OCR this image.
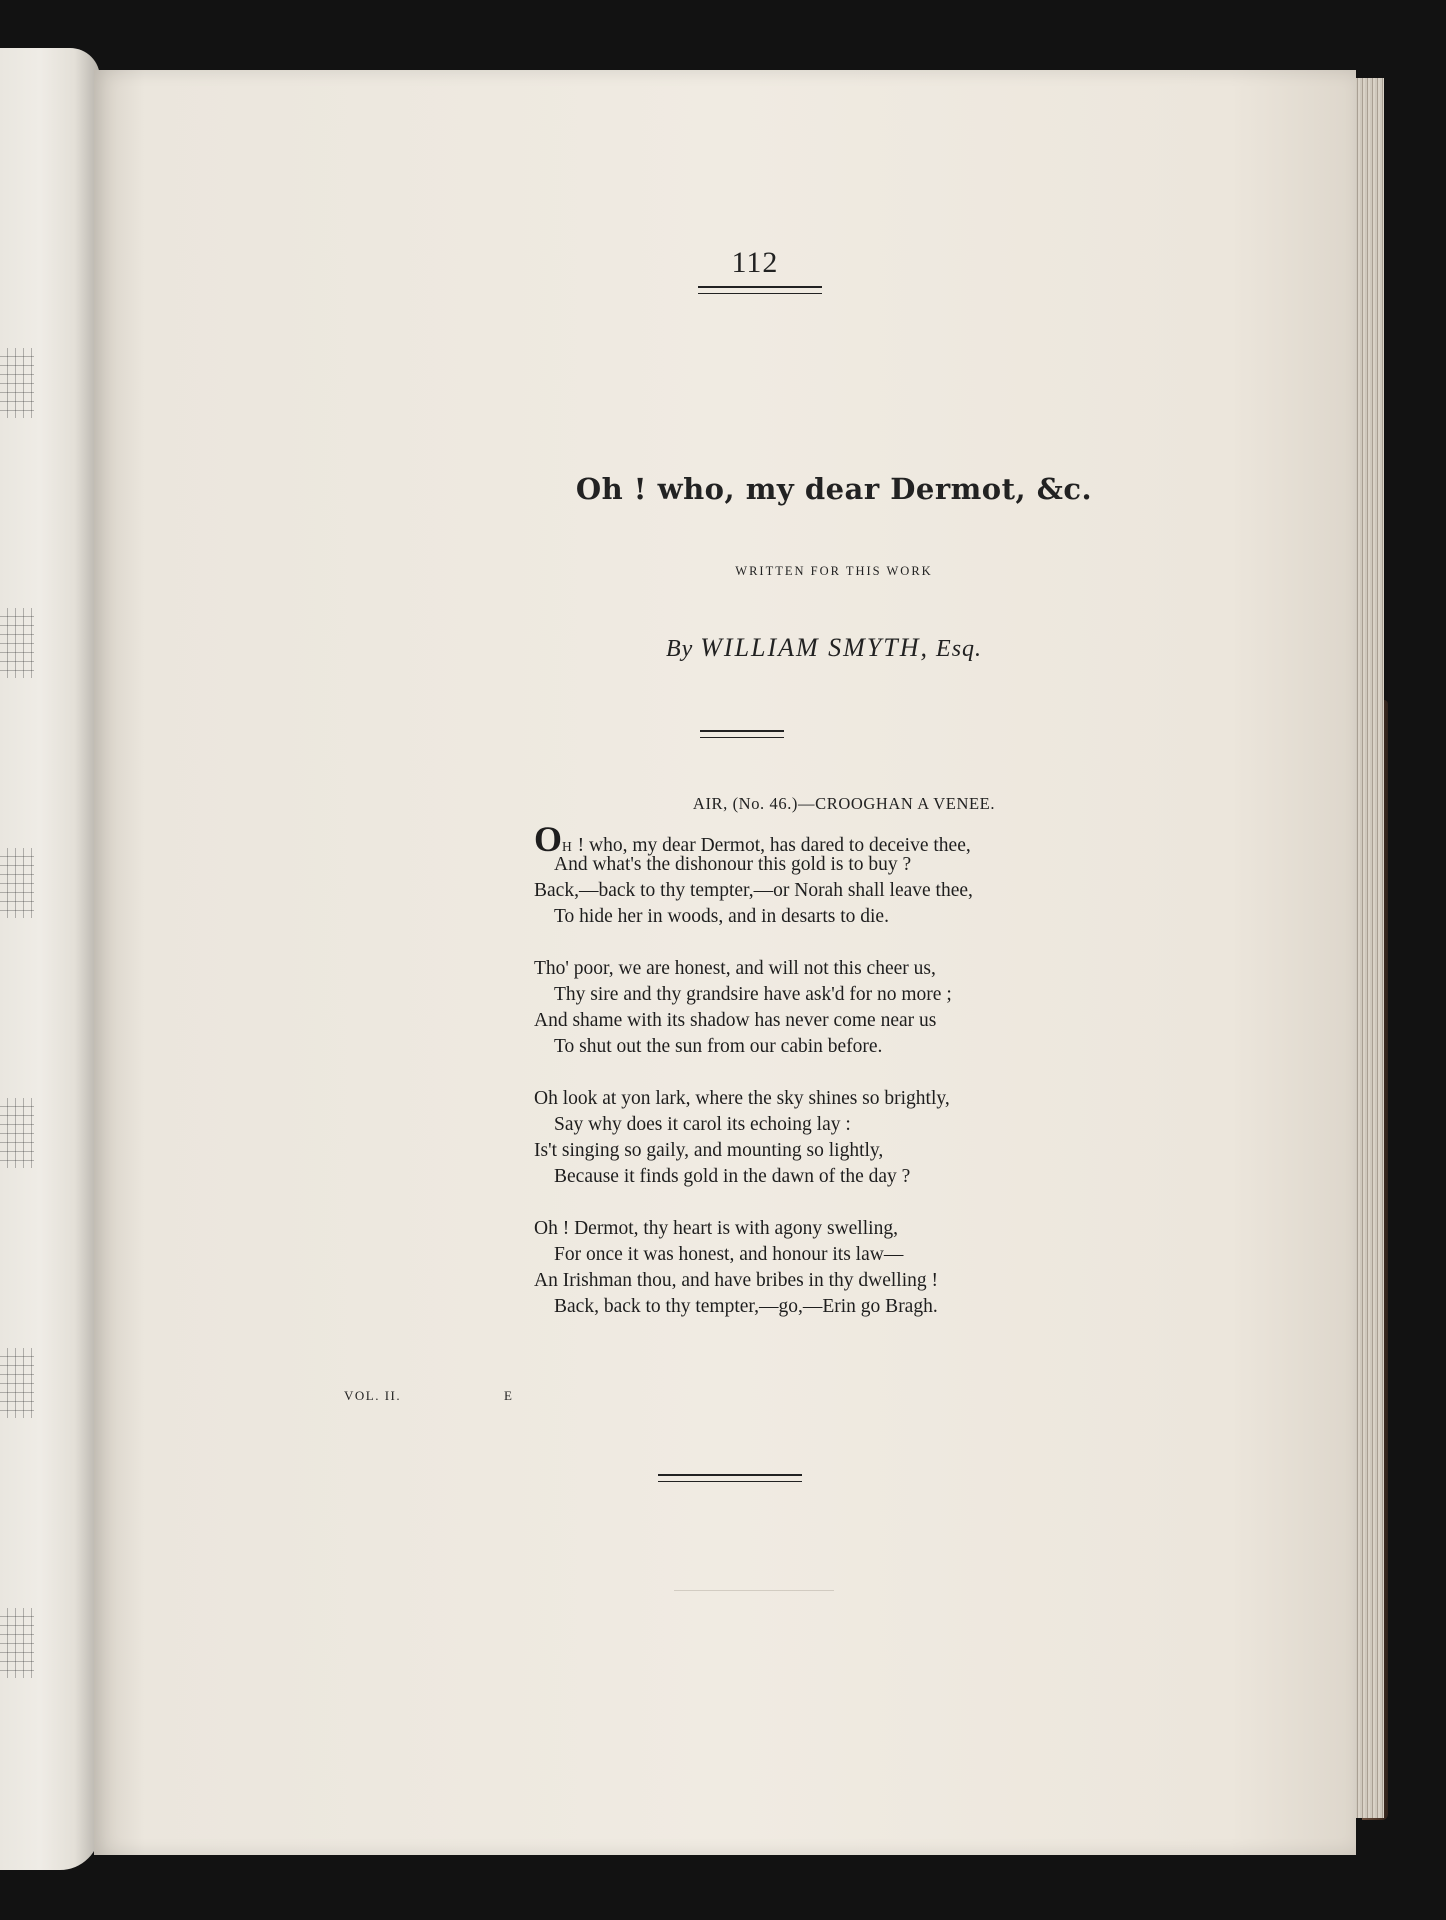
112
Oh ! who, my dear Dermot, &c.
WRITTEN FOR THIS WORK
By WILLIAM SMYTH, Esq.
AIR, (No. 46.)—CROOGHAN A VENEE.
OH ! who, my dear Dermot, has dared to deceive thee,
And what's the dishonour this gold is to buy ?
Back,—back to thy tempter,—or Norah shall leave thee,
To hide her in woods, and in desarts to die.
Tho' poor, we are honest, and will not this cheer us,
Thy sire and thy grandsire have ask'd for no more ;
And shame with its shadow has never come near us
To shut out the sun from our cabin before.
Oh look at yon lark, where the sky shines so brightly,
Say why does it carol its echoing lay :
Is't singing so gaily, and mounting so lightly,
Because it finds gold in the dawn of the day ?
Oh ! Dermot, thy heart is with agony swelling,
For once it was honest, and honour its law—
An Irishman thou, and have bribes in thy dwelling !
Back, back to thy tempter,—go,—Erin go Bragh.
VOL. II.	E
